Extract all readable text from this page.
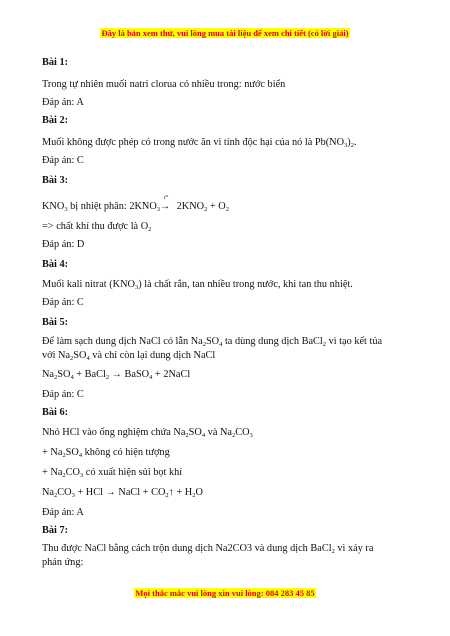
Đây là bản xem thử, vui lòng mua tài liệu để xem chi tiết (có lời giải)
Bài 1:
Trong tự nhiên muối natri clorua có nhiều trong: nước biển
Đáp án: A
Bài 2:
Muối không được phép có trong nước ăn vì tính độc hại của nó là $Pb(NO_3)_2$.
Đáp án: C
Bài 3:
$KNO_3$ bị nhiệt phân: $2KNO_3$
t°
→ $2KNO_2 + O_2$
=> chất khí thu được là $O_2$
Đáp án: D
Bài 4:
Muối kali nitrat $(KNO_3)$ là chất rắn, tan nhiều trong nước, khi tan thu nhiệt.
Đáp án: C
Bài 5:
Để làm sạch dung dịch NaCl có lẫn $Na_2SO_4$ ta dùng dung dịch BaCl$_2$ vì tạo kết tủa
với $Na_2SO_4$ và chỉ còn lại dung dịch NaCl
$Na_2SO_4$ + BaCl$_2$ → BaSO$_4$ + 2NaCl
Đáp án: C
Bài 6:
Nhỏ HCl vào ống nghiệm chứa $Na_2SO_4$ và $Na_2CO_3$
+ $Na_2SO_4$ không có hiện tượng
+ $Na_2CO_3$ có xuất hiện sủi bọt khí
$Na_2CO_3$ + HCl → NaCl + $CO_2↑ + H_2O$
Đáp án: A
Bài 7:
Thu được NaCl bằng cách trộn dung dịch Na2CO3 và dung dịch BaCl$_2$ vì xảy ra
phản ứng:
Mọi thắc mắc vui lòng xin vui lòng: 084 283 45 85
